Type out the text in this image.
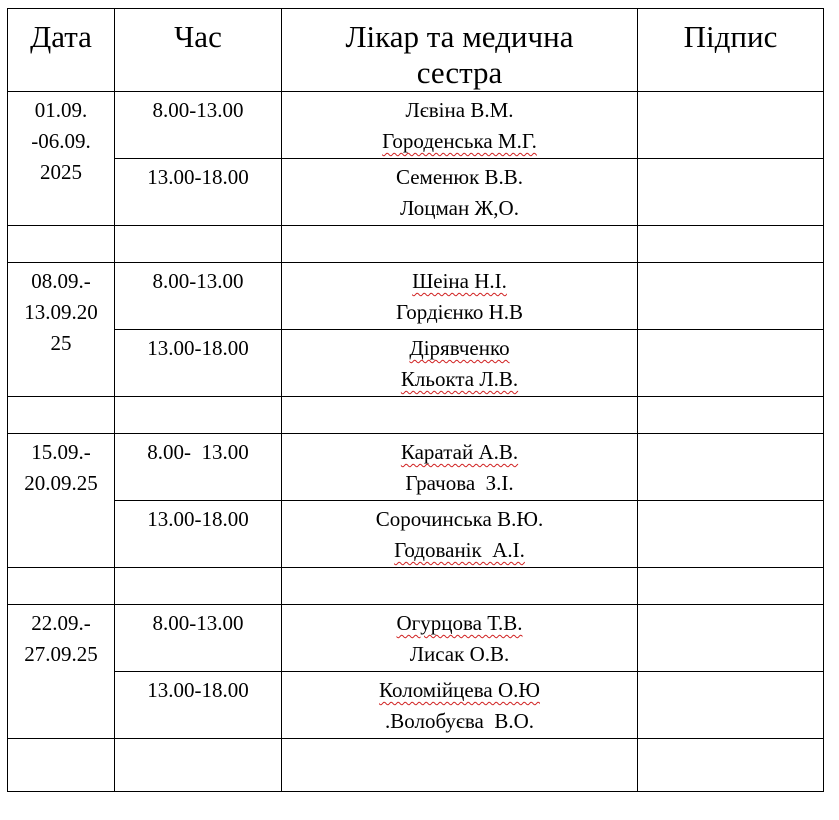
Дата	Час	Лікар та медична
сестра	Підпис

01.09.
-06.09.
2025	8.00-13.00	Лєвіна В.М.
Городенська М.Г.	

	13.00-18.00	Семенюк В.В.
Лоцман Ж,О.	

08.09.-
13.09.20
25	8.00-13.00	Шеіна Н.І.
Гордієнко Н.В	

	13.00-18.00	Дірявченко
Кльокта Л.В.	

15.09.-
20.09.25	8.00-  13.00	Каратай А.В.
Грачова  З.І.	

	13.00-18.00	Сорочинська В.Ю.
Годованік  А.І.	

22.09.-
27.09.25	8.00-13.00	Огурцова Т.В.
Лисак О.В.	

	13.00-18.00	Коломійцева О.Ю
.Волобуєва  В.О.	
